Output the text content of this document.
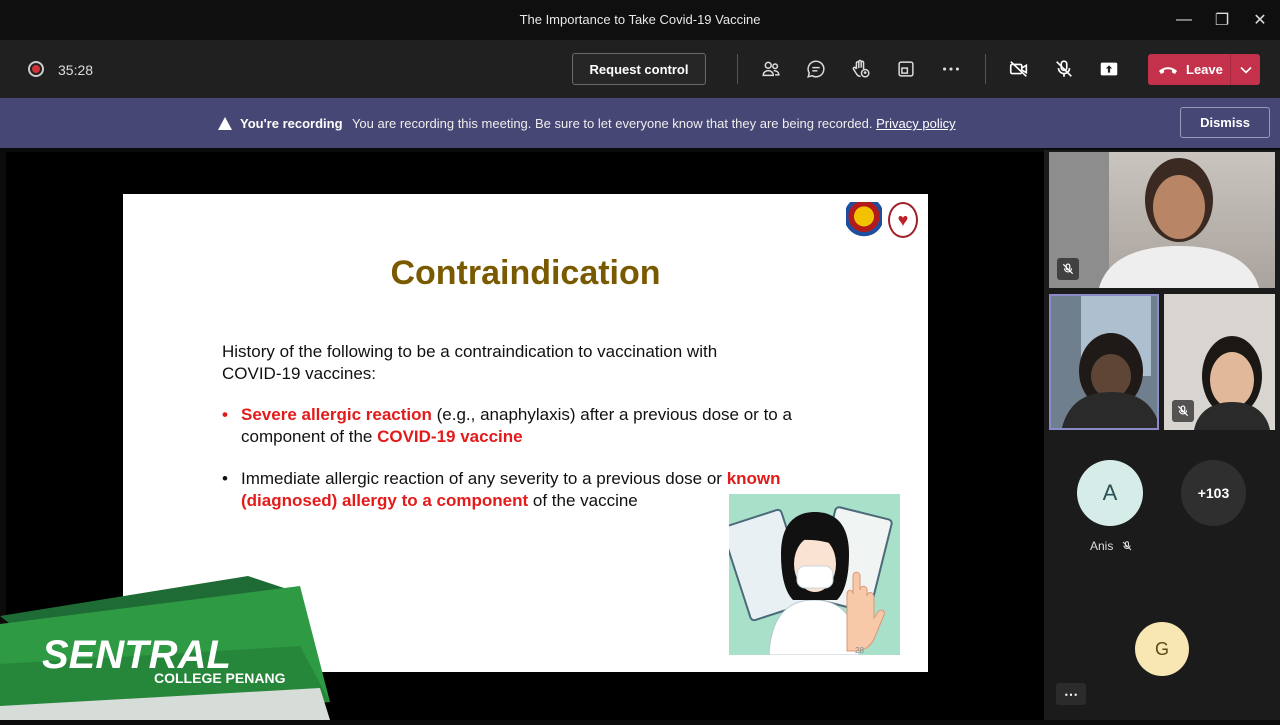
The Importance to Take Covid-19 Vaccine	—	❐	✕
35:28	Request control	Leave
You're recording You are recording this meeting. Be sure to let everyone know that they are being recorded. Privacy policy	Dismiss
♥
Contraindication
History of the following to be a contraindication to vaccination with COVID-19 vaccines:
• Severe allergic reaction (e.g., anaphylaxis) after a previous dose or to a component of the COVID-19 vaccine
• Immediate allergic reaction of any severity to a previous dose or known (diagnosed) allergy to a component of the vaccine
28
SENTRAL
COLLEGE PENANG
A
Anis
+103
G
⋯
